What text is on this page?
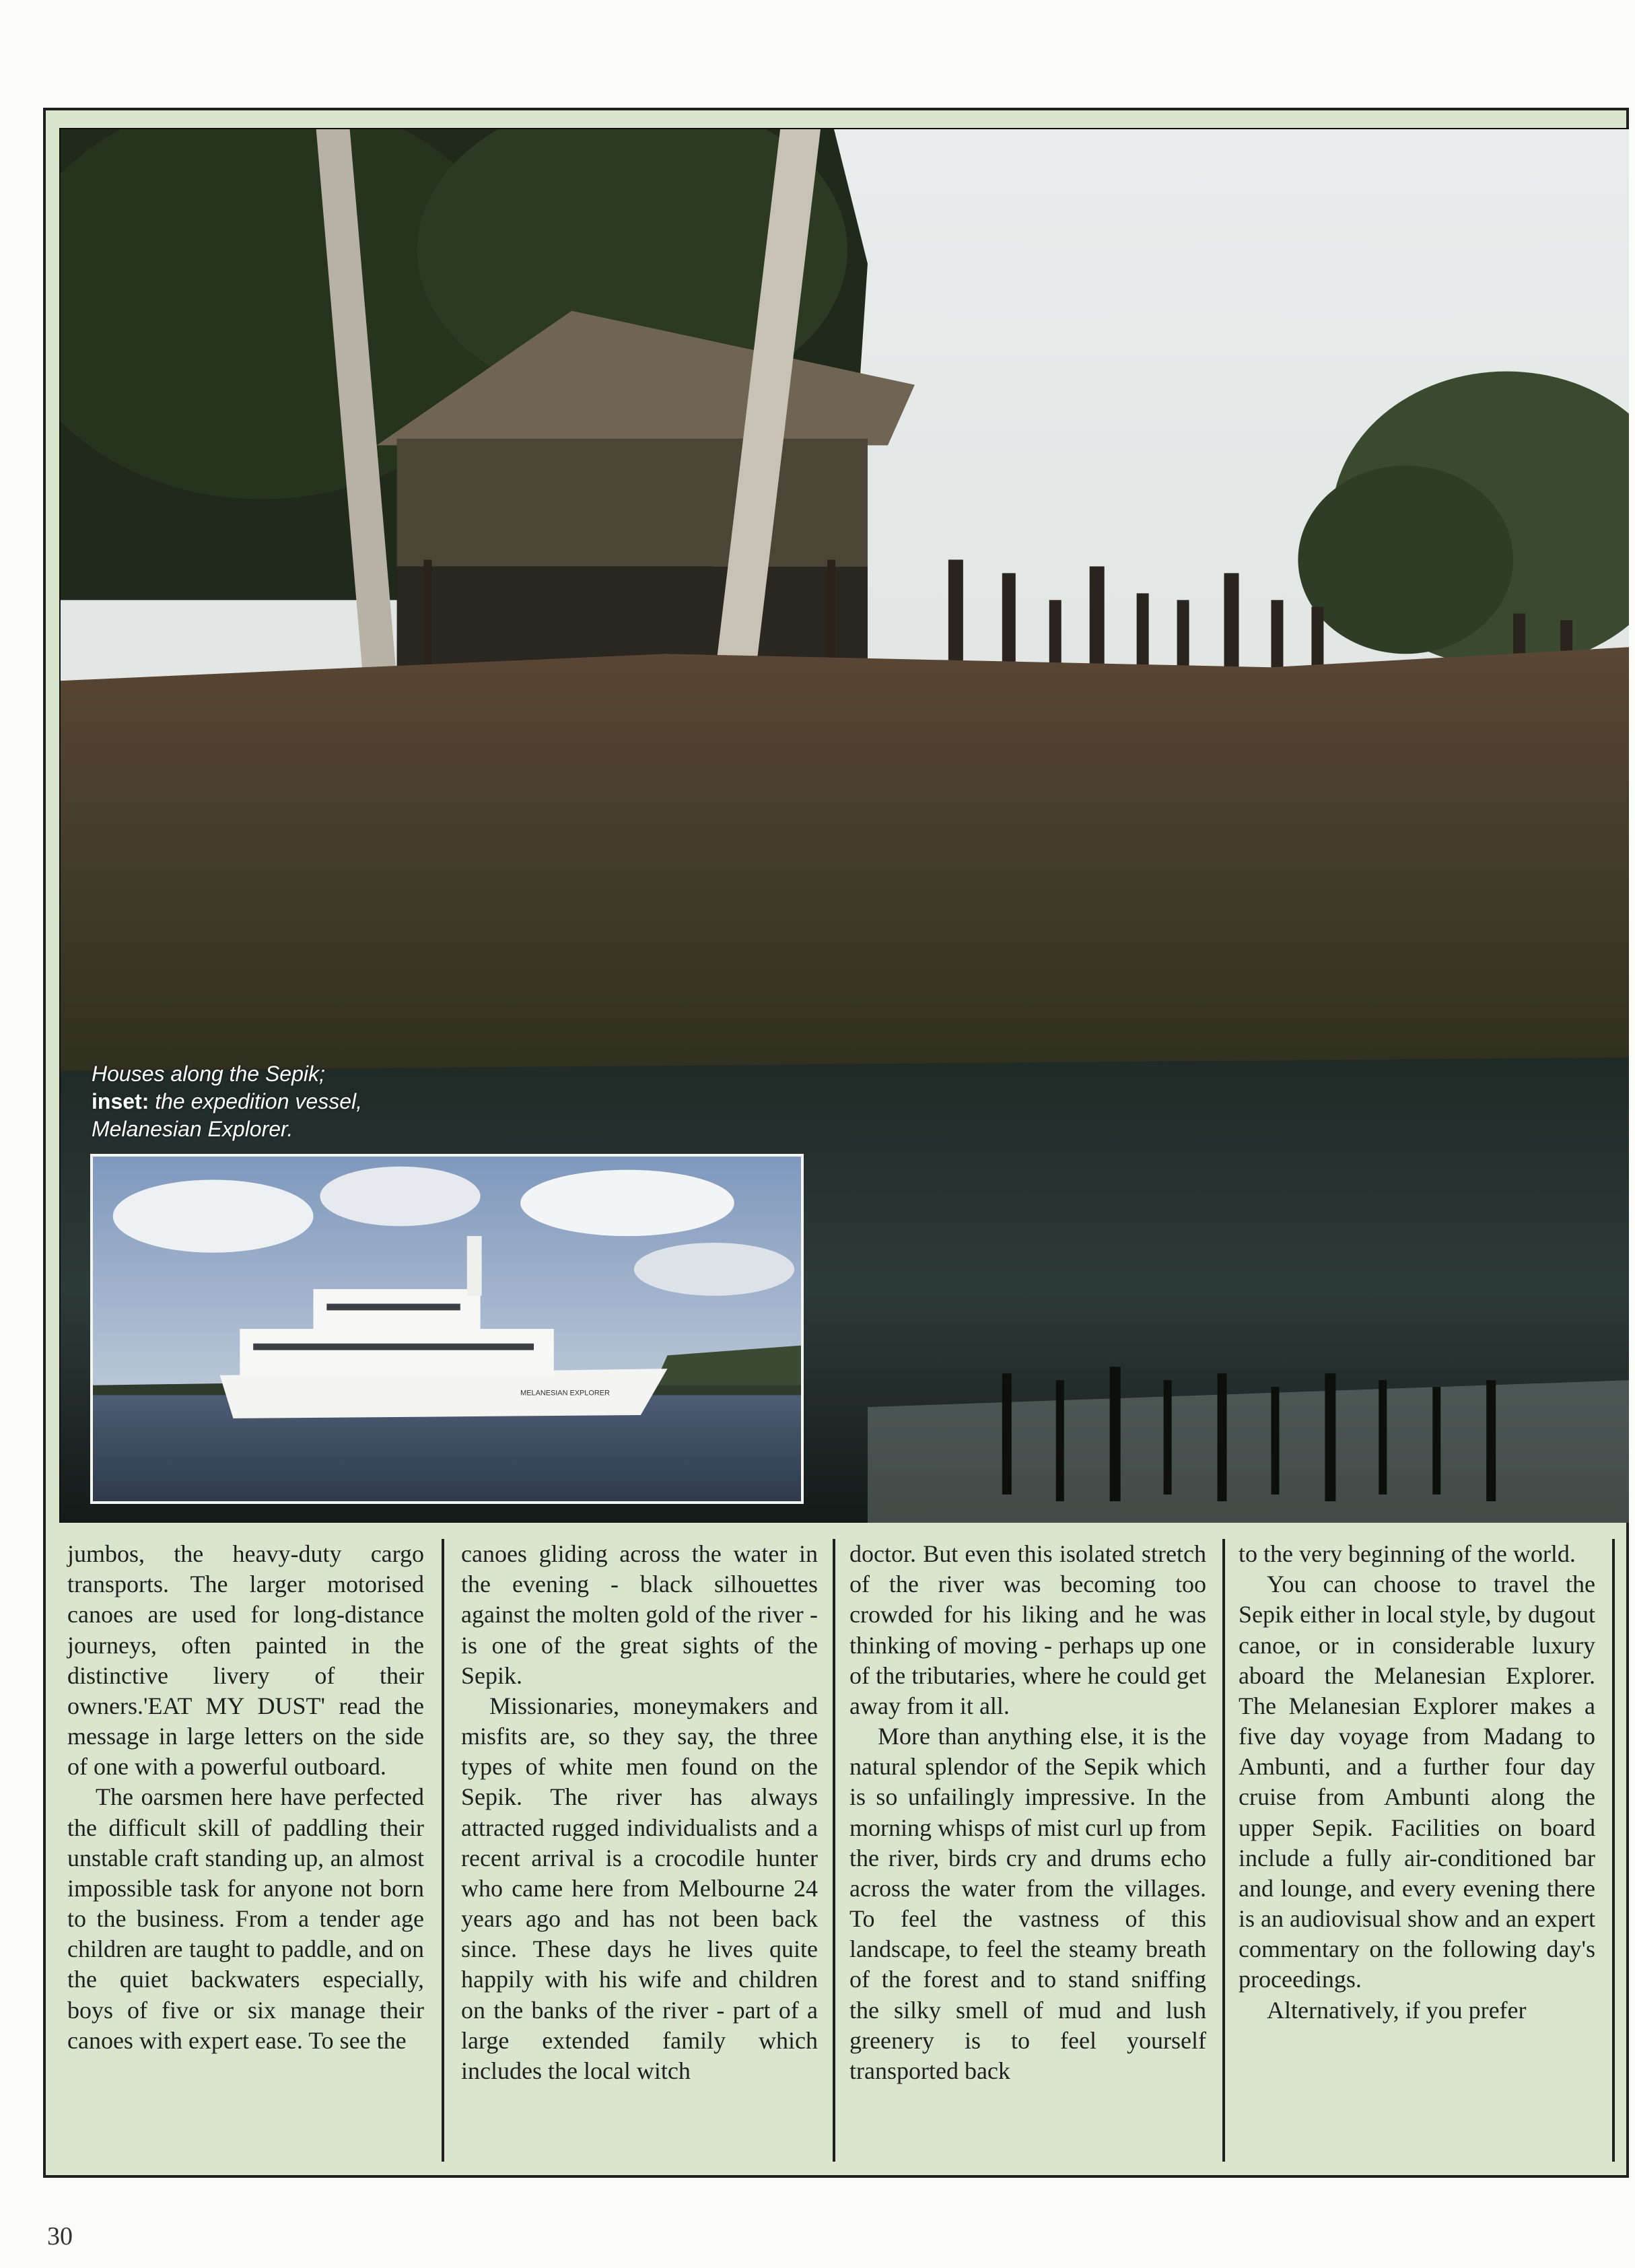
Houses along the Sepik;
inset: the expedition vessel,
Melanesian Explorer.
MELANESIAN EXPLORER

jumbos, the heavy-duty cargo transports. The larger motorised canoes are used for long-distance journeys, often painted in the distinctive livery of their owners.'EAT MY DUST' read the message in large letters on the side of one with a powerful outboard.

The oarsmen here have perfected the difficult skill of paddling their unstable craft standing up, an almost impossible task for anyone not born to the business. From a tender age children are taught to paddle, and on the quiet backwaters especially, boys of five or six manage their canoes with expert ease. To see the

canoes gliding across the water in the evening - black silhouettes against the molten gold of the river - is one of the great sights of the Sepik.

Missionaries, moneymakers and misfits are, so they say, the three types of white men found on the Sepik. The river has always attracted rugged individualists and a recent arrival is a crocodile hunter who came here from Melbourne 24 years ago and has not been back since. These days he lives quite happily with his wife and children on the banks of the river - part of a large extended family which includes the local witch

doctor. But even this isolated stretch of the river was becoming too crowded for his liking and he was thinking of moving - perhaps up one of the tributaries, where he could get away from it all.

More than anything else, it is the natural splendor of the Sepik which is so unfailingly impressive. In the morning whisps of mist curl up from the river, birds cry and drums echo across the water from the villages. To feel the vastness of this landscape, to feel the steamy breath of the forest and to stand sniffing the silky smell of mud and lush greenery is to feel yourself transported back

to the very beginning of the world.

You can choose to travel the Sepik either in local style, by dugout canoe, or in considerable luxury aboard the Melanesian Explorer. The Melanesian Explorer makes a five day voyage from Madang to Ambunti, and a further four day cruise from Ambunti along the upper Sepik. Facilities on board include a fully air-conditioned bar and lounge, and every evening there is an audiovisual show and an expert commentary on the following day's proceedings.

Alternatively, if you prefer

30
